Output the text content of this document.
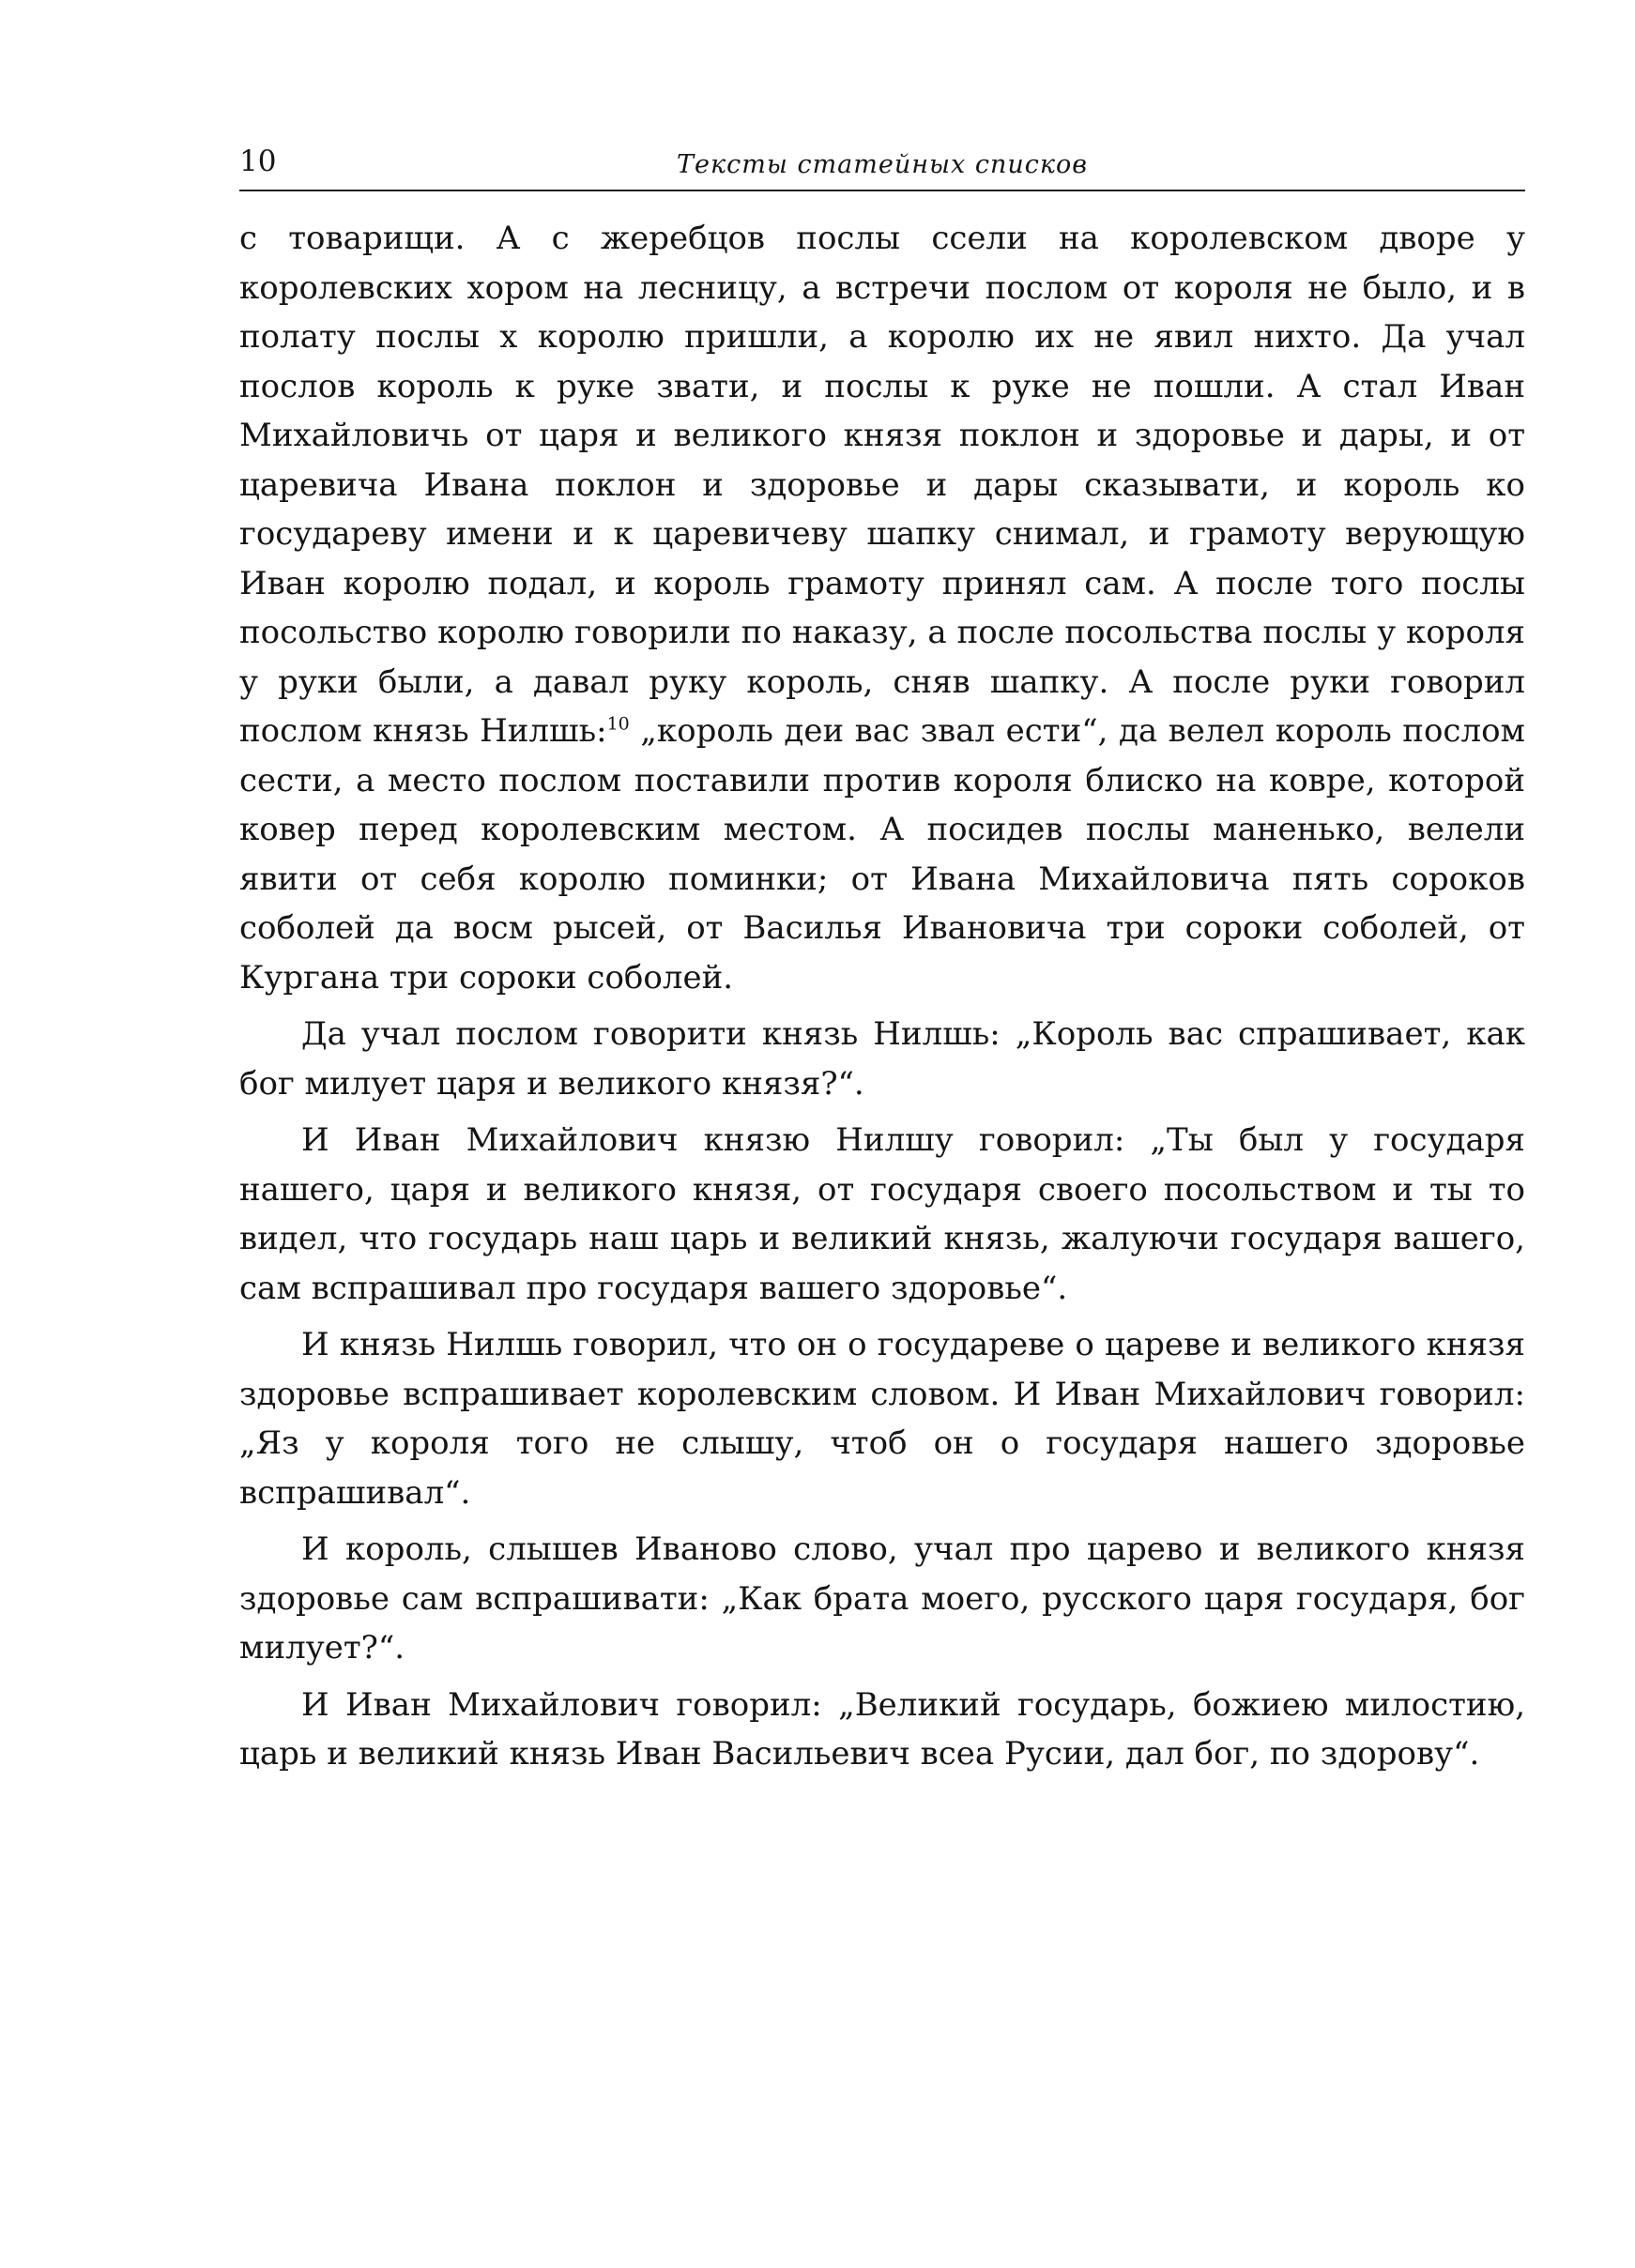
10	Тексты статейных списков

с товарищи. А с жеребцов послы ссели на королевском дворе у королевских хором на лесницу, а встречи послом от короля не было, и в полату послы х королю пришли, а королю их не явил нихто. Да учал послов король к руке звати, и послы к руке не пошли. А стал Иван Михайловичь от царя и великого князя поклон и здоровье и дары, и от царевича Ивана поклон и здоровье и дары сказывати, и король ко государеву имени и к царевичеву шапку снимал, и грамоту верующую Иван королю подал, и король грамоту принял сам. А после того послы посольство королю говорили по наказу, а после посольства послы у короля у руки были, а давал руку король, сняв шапку. А после руки говорил послом князь Нилшь:$^{10}$ „король деи вас звал ести“, да велел король послом сести, а место послом поставили против короля блиско на ковре, которой ковер перед королевским местом. А посидев послы маненько, велели явити от себя королю поминки; от Ивана Михайловича пять сороков соболей да восм рысей, от Василья Ивановича три сороки соболей, от Кургана три сороки соболей.

Да учал послом говорити князь Нилшь: „Король вас спрашивает, как бог милует царя и великого князя?“.

И Иван Михайлович князю Нилшу говорил: „Ты был у государя нашего, царя и великого князя, от государя своего посольством и ты то видел, что государь наш царь и великий князь, жалуючи государя вашего, сам вспрашивал про государя вашего здоровье“.

И князь Нилшь говорил, что он о государеве о цареве и великого князя здоровье вспрашивает королевским словом. И Иван Михайлович говорил: „Яз у короля того не слышу, чтоб он о государя нашего здоровье вспрашивал“.

И король, слышев Иваново слово, учал про царево и великого князя здоровье сам вспрашивати: „Как брата моего, русского царя государя, бог милует?“.

И Иван Михайлович говорил: „Великий государь, божиею милостию, царь и великий князь Иван Васильевич всеа Русии, дал бог, по здорову“.
